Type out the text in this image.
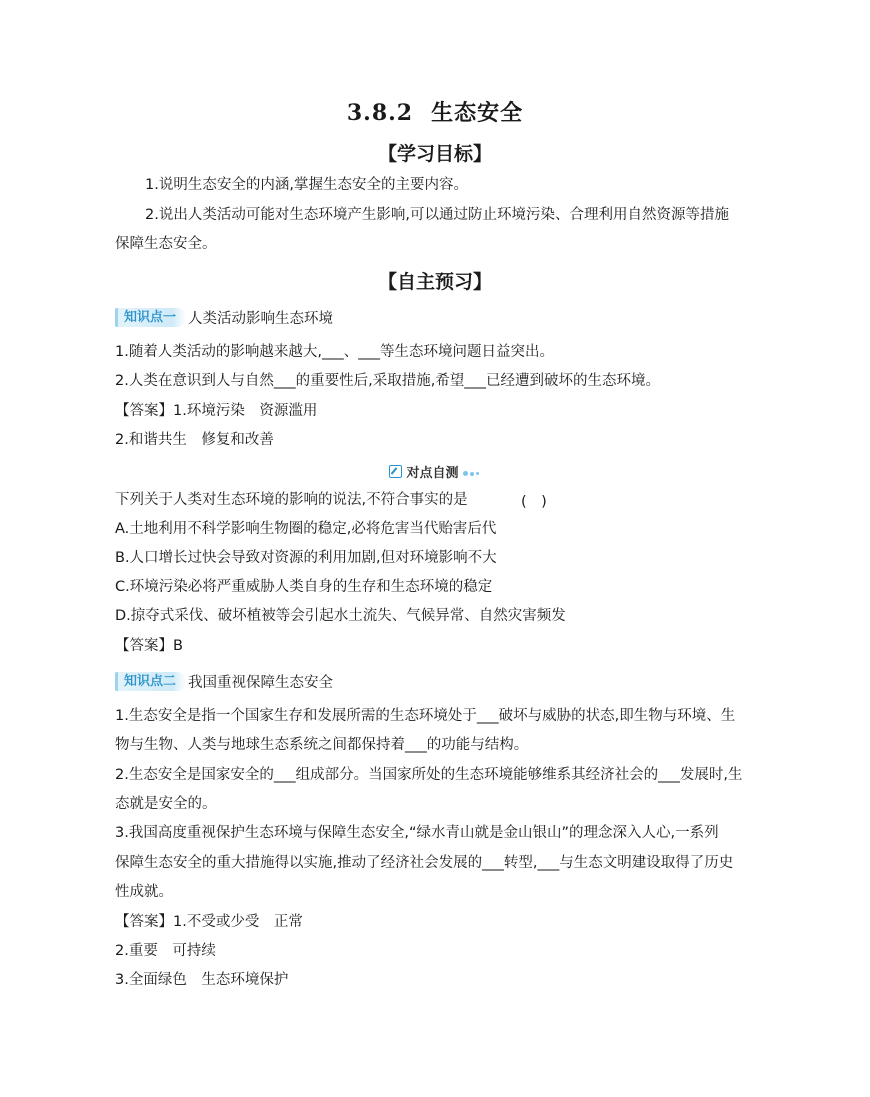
3.8.2 生态安全
【学习目标】
1.说明生态安全的内涵,掌握生态安全的主要内容。
2.说出人类活动可能对生态环境产生影响,可以通过防止环境污染、合理利用自然资源等措施
保障生态安全。
【自主预习】
知识点一 人类活动影响生态环境
1.随着人类活动的影响越来越大,___、___等生态环境问题日益突出。
2.人类在意识到人与自然___的重要性后,采取措施,希望___已经遭到破坏的生态环境。
【答案】1.环境污染　资源滥用
2.和谐共生　修复和改善
对点自测
下列关于人类对生态环境的影响的说法,不符合事实的是	(　)
A.土地利用不科学影响生物圈的稳定,必将危害当代贻害后代
B.人口增长过快会导致对资源的利用加剧,但对环境影响不大
C.环境污染必将严重威胁人类自身的生存和生态环境的稳定
D.掠夺式采伐、破坏植被等会引起水土流失、气候异常、自然灾害频发
【答案】B
知识点二 我国重视保障生态安全
1.生态安全是指一个国家生存和发展所需的生态环境处于___破坏与威胁的状态,即生物与环境、生
物与生物、人类与地球生态系统之间都保持着___的功能与结构。
2.生态安全是国家安全的___组成部分。当国家所处的生态环境能够维系其经济社会的___发展时,生
态就是安全的。
3.我国高度重视保护生态环境与保障生态安全,“绿水青山就是金山银山”的理念深入人心,一系列
保障生态安全的重大措施得以实施,推动了经济社会发展的___转型,___与生态文明建设取得了历史
性成就。
【答案】1.不受或少受　正常
2.重要　可持续
3.全面绿色　生态环境保护
